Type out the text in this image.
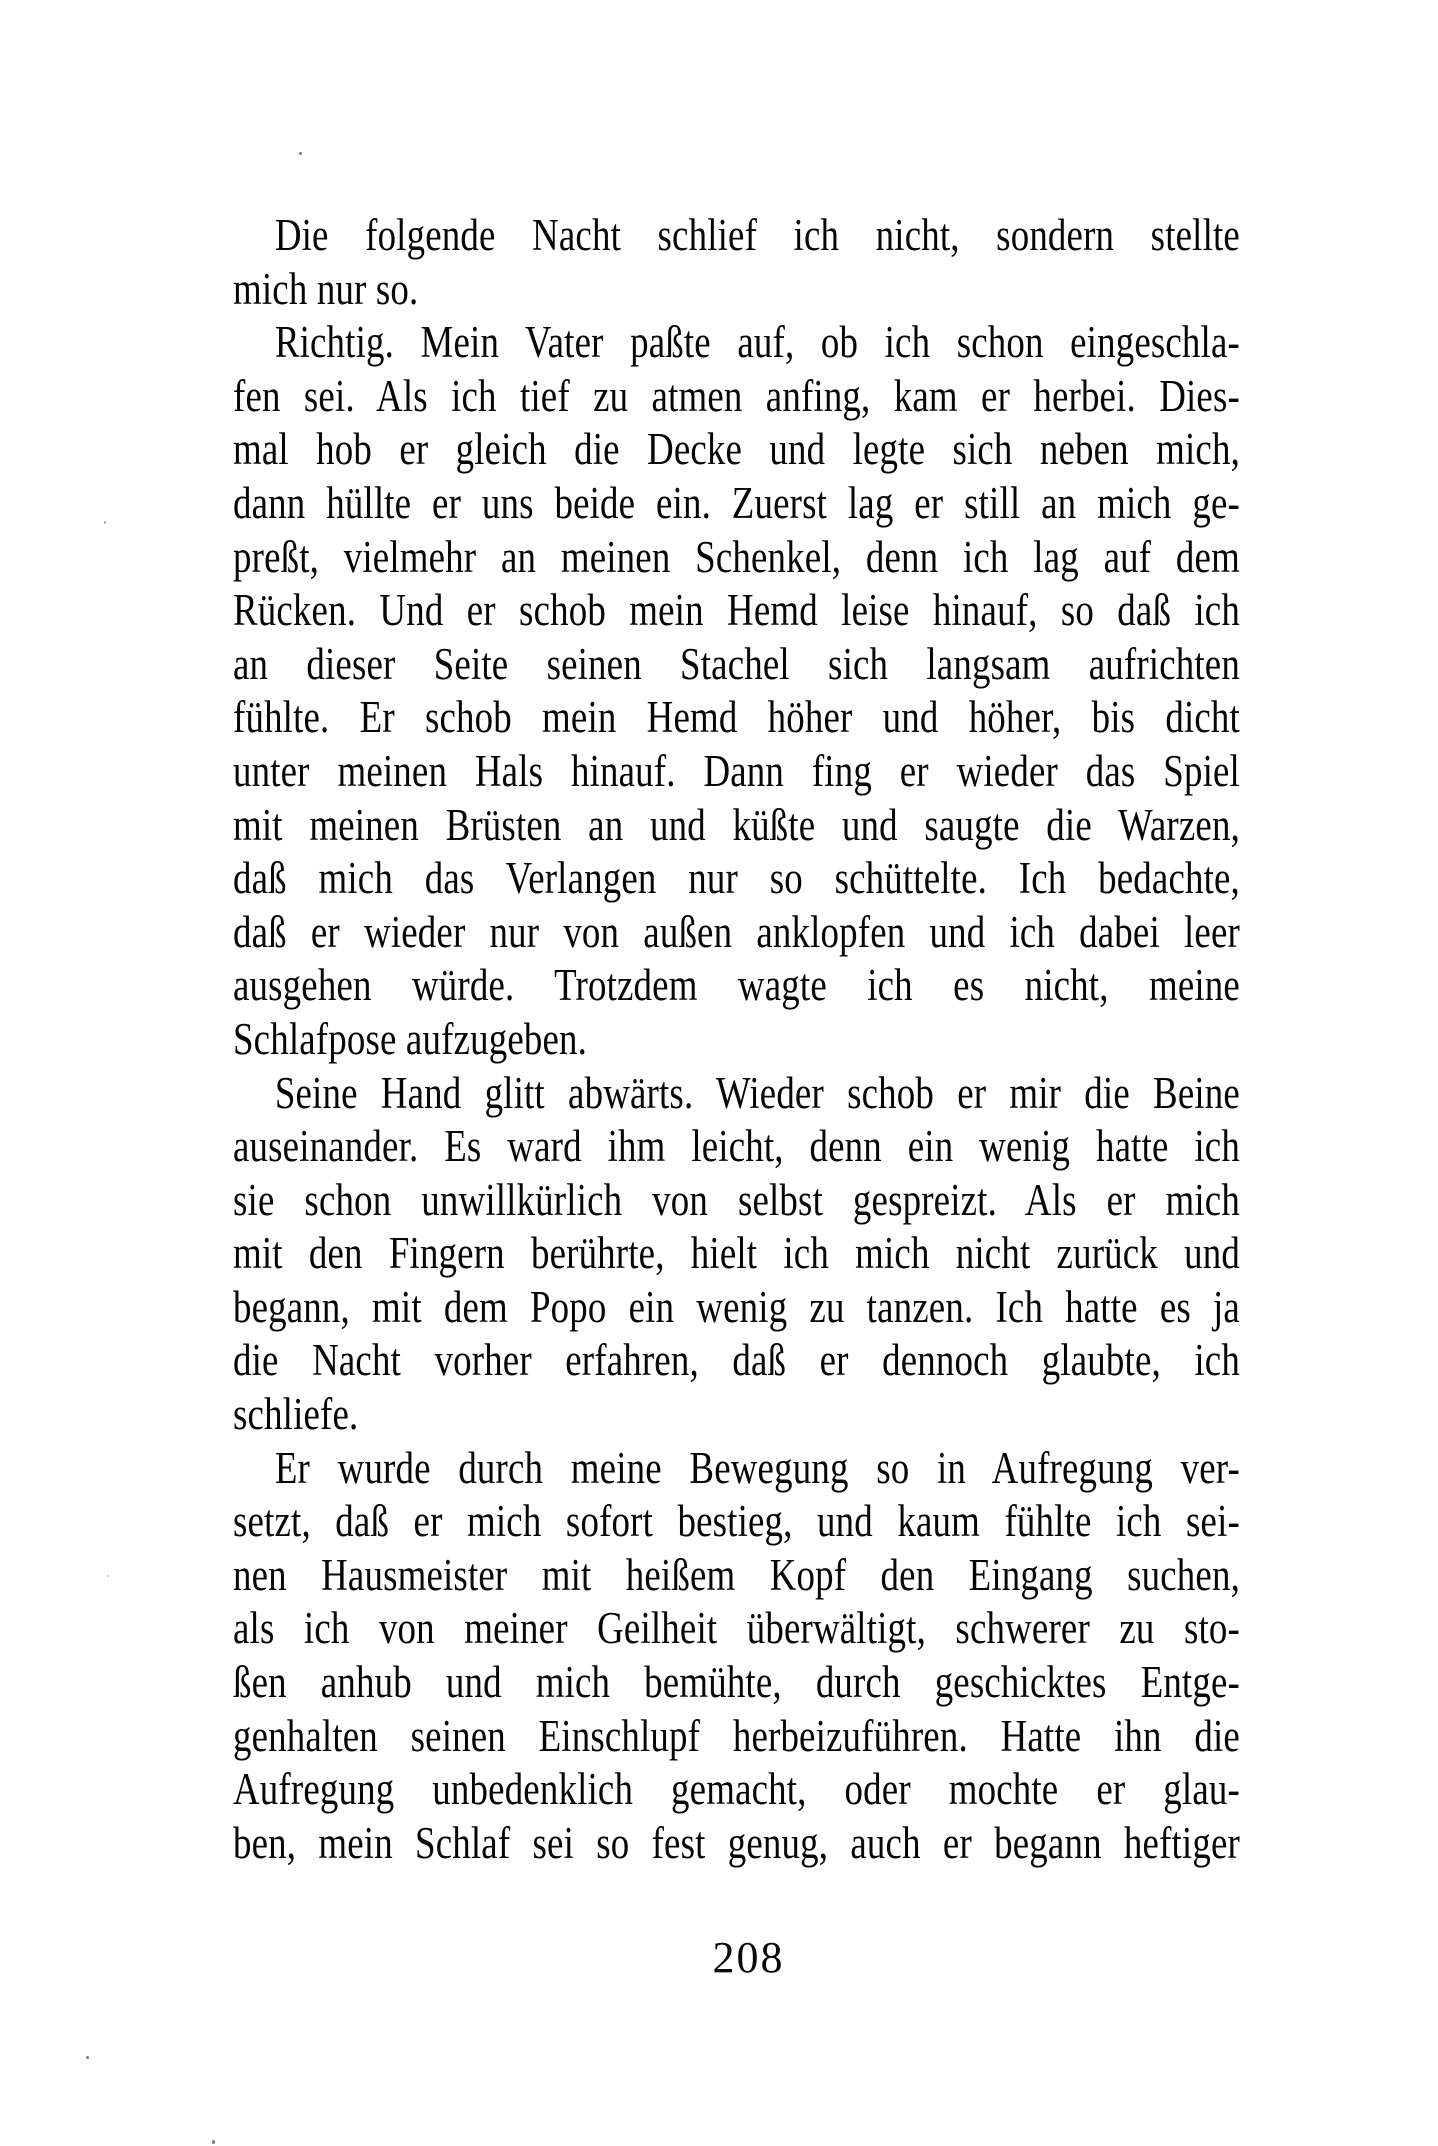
Die folgende Nacht schlief ich nicht, sondern stellte
mich nur so.
Richtig. Mein Vater paßte auf, ob ich schon eingeschla-
fen sei. Als ich tief zu atmen anfing, kam er herbei. Dies-
mal hob er gleich die Decke und legte sich neben mich,
dann hüllte er uns beide ein. Zuerst lag er still an mich ge-
preßt, vielmehr an meinen Schenkel, denn ich lag auf dem
Rücken. Und er schob mein Hemd leise hinauf, so daß ich
an dieser Seite seinen Stachel sich langsam aufrichten
fühlte. Er schob mein Hemd höher und höher, bis dicht
unter meinen Hals hinauf. Dann fing er wieder das Spiel
mit meinen Brüsten an und küßte und saugte die Warzen,
daß mich das Verlangen nur so schüttelte. Ich bedachte,
daß er wieder nur von außen anklopfen und ich dabei leer
ausgehen würde. Trotzdem wagte ich es nicht, meine
Schlafpose aufzugeben.
Seine Hand glitt abwärts. Wieder schob er mir die Beine
auseinander. Es ward ihm leicht, denn ein wenig hatte ich
sie schon unwillkürlich von selbst gespreizt. Als er mich
mit den Fingern berührte, hielt ich mich nicht zurück und
begann, mit dem Popo ein wenig zu tanzen. Ich hatte es ja
die Nacht vorher erfahren, daß er dennoch glaubte, ich
schliefe.
Er wurde durch meine Bewegung so in Aufregung ver-
setzt, daß er mich sofort bestieg, und kaum fühlte ich sei-
nen Hausmeister mit heißem Kopf den Eingang suchen,
als ich von meiner Geilheit überwältigt, schwerer zu sto-
ßen anhub und mich bemühte, durch geschicktes Entge-
genhalten seinen Einschlupf herbeizuführen. Hatte ihn die
Aufregung unbedenklich gemacht, oder mochte er glau-
ben, mein Schlaf sei so fest genug, auch er begann heftiger
208
